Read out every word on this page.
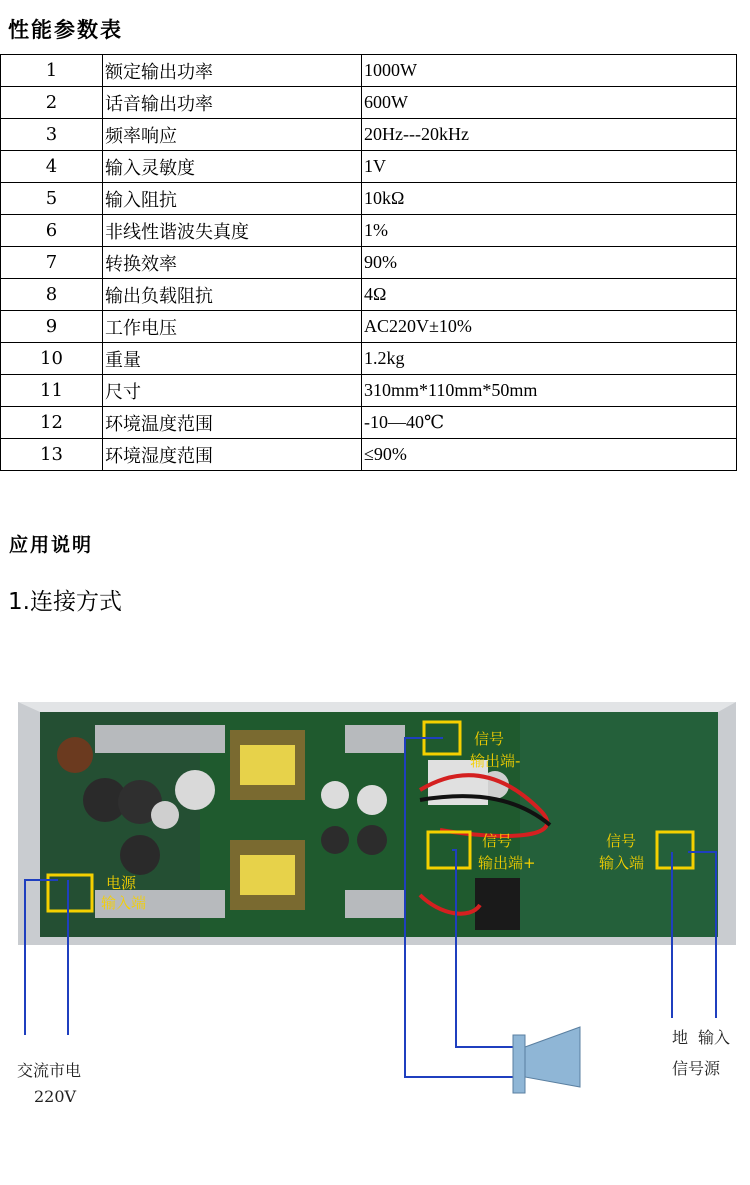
性能参数表
1	额定输出功率	1000W
2	话音输出功率	600W
3	频率响应	20Hz---20kHz
4	输入灵敏度	1V
5	输入阻抗	10kΩ
6	非线性谐波失真度	1%
7	转换效率	90%
8	输出负载阻抗	4Ω
9	工作电压	AC220V±10%
10	重量	1.2kg
11	尺寸	310mm*110mm*50mm
12	环境温度范围	-10—40℃
13	环境湿度范围	≤90%
应用说明
1.连接方式
电源输入端
信号输出端-
信号输出端+
信号输入端
交流市电 220V
地 输入
信号源
